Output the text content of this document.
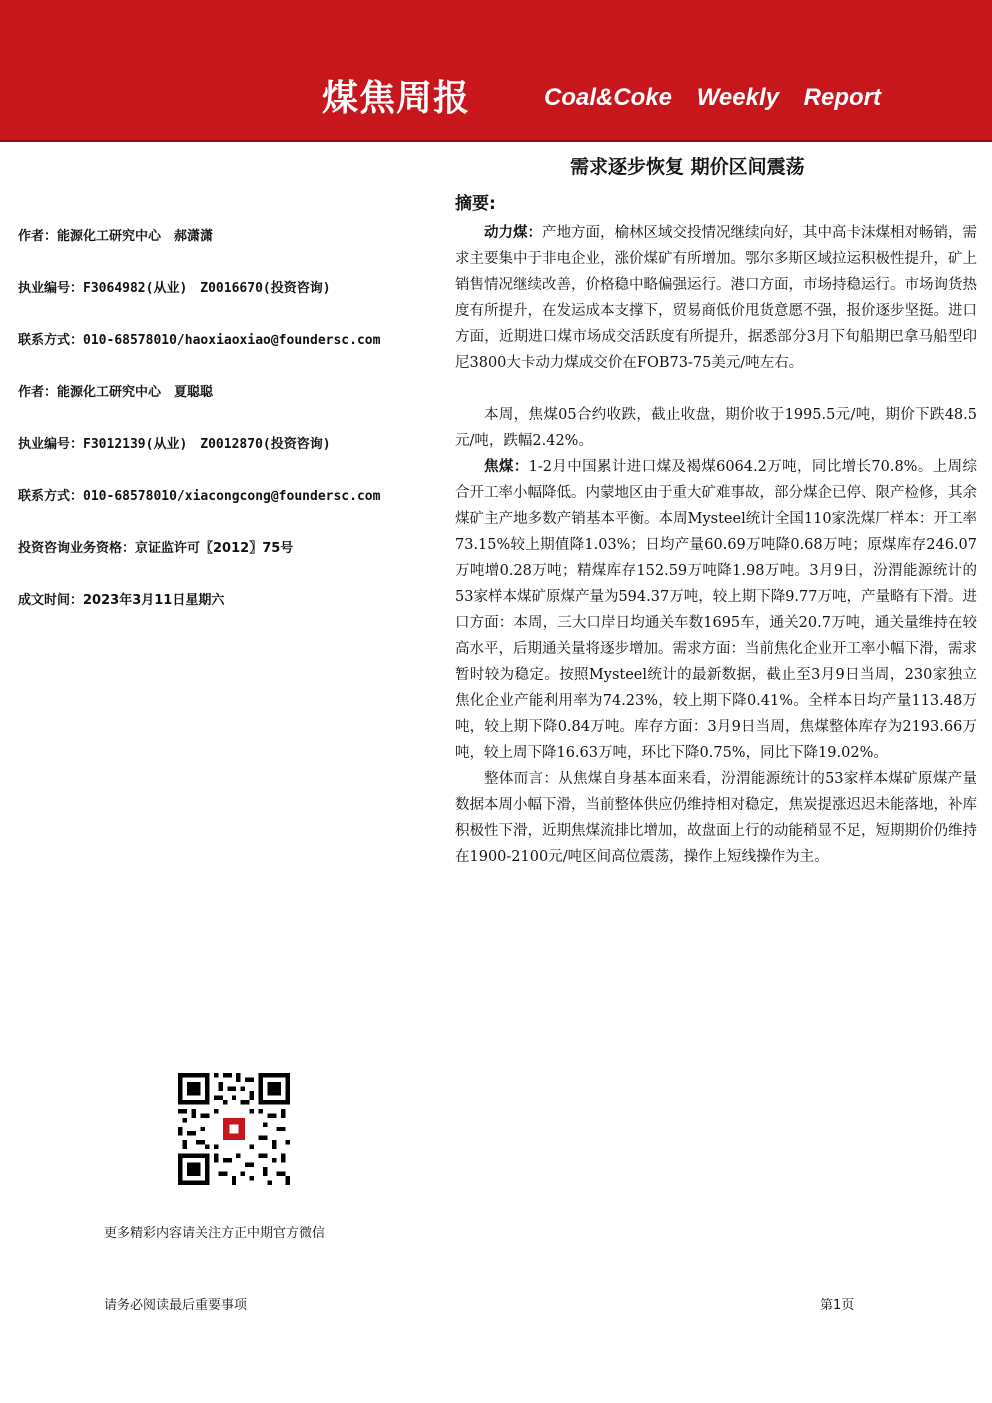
煤焦周报	Coal&Coke Weekly Report
需求逐步恢复 期价区间震荡
作者：能源化工研究中心　郝潇潇
执业编号：F3064982(从业)　Z0016670(投资咨询)
联系方式：010-68578010/haoxiaoxiao@foundersc.com
作者：能源化工研究中心　夏聪聪
执业编号：F3012139(从业)　Z0012870(投资咨询)
联系方式：010-68578010/xiacongcong@foundersc.com
投资咨询业务资格：京证监许可〖2012〗75号
成文时间：2023年3月11日星期六
摘要:

动力煤：产地方面，榆林区域交投情况继续向好，其中高卡沫煤相对畅销，需求主要集中于非电企业，涨价煤矿有所增加。鄂尔多斯区域拉运积极性提升，矿上销售情况继续改善，价格稳中略偏强运行。港口方面，市场持稳运行。市场询货热度有所提升，在发运成本支撑下，贸易商低价甩货意愿不强，报价逐步坚挺。进口方面，近期进口煤市场成交活跃度有所提升，据悉部分3月下旬船期巴拿马船型印尼3800大卡动力煤成交价在FOB73-75美元/吨左右。

本周，焦煤05合约收跌，截止收盘，期价收于1995.5元/吨，期价下跌48.5元/吨，跌幅2.42%。

焦煤：1-2月中国累计进口煤及褐煤6064.2万吨，同比增长70.8%。上周综合开工率小幅降低。内蒙地区由于重大矿难事故，部分煤企已停、限产检修，其余煤矿主产地多数产销基本平衡。本周Mysteel统计全国110家洗煤厂样本：开工率73.15%较上期值降1.03%；日均产量60.69万吨降0.68万吨；原煤库存246.07万吨增0.28万吨；精煤库存152.59万吨降1.98万吨。3月9日，汾渭能源统计的53家样本煤矿原煤产量为594.37万吨，较上期下降9.77万吨，产量略有下滑。进口方面：本周，三大口岸日均通关车数1695车，通关20.7万吨，通关量维持在较高水平，后期通关量将逐步增加。需求方面：当前焦化企业开工率小幅下滑，需求暂时较为稳定。按照Mysteel统计的最新数据，截止至3月9日当周，230家独立焦化企业产能利用率为74.23%，较上期下降0.41%。全样本日均产量113.48万吨，较上期下降0.84万吨。库存方面：3月9日当周，焦煤整体库存为2193.66万吨，较上周下降16.63万吨，环比下降0.75%，同比下降19.02%。

整体而言：从焦煤自身基本面来看，汾渭能源统计的53家样本煤矿原煤产量数据本周小幅下滑，当前整体供应仍维持相对稳定，焦炭提涨迟迟未能落地，补库积极性下滑，近期焦煤流排比增加，故盘面上行的动能稍显不足，短期期价仍维持在1900-2100元/吨区间高位震荡，操作上短线操作为主。

更多精彩内容请关注方正中期官方微信
请务必阅读最后重要事项	第1页
